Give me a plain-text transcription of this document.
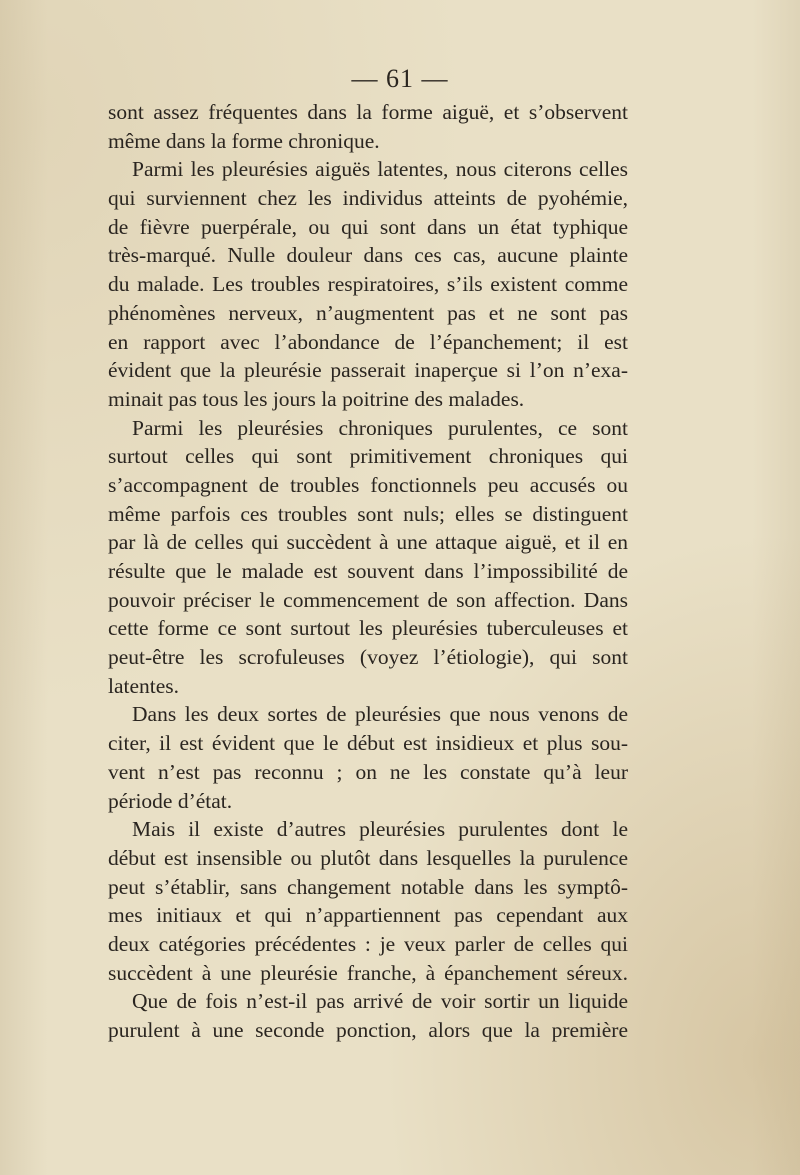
— 61 —
sont assez fréquentes dans la forme aiguë, et s’observent
même dans la forme chronique.
Parmi les pleurésies aiguës latentes, nous citerons celles
qui surviennent chez les individus atteints de pyohémie,
de fièvre puerpérale, ou qui sont dans un état typhique
très-marqué. Nulle douleur dans ces cas, aucune plainte
du malade. Les troubles respiratoires, s’ils existent comme
phénomènes nerveux, n’augmentent pas et ne sont pas
en rapport avec l’abondance de l’épanchement; il est
évident que la pleurésie passerait inaperçue si l’on n’exa-
minait pas tous les jours la poitrine des malades.
Parmi les pleurésies chroniques purulentes, ce sont
surtout celles qui sont primitivement chroniques qui
s’accompagnent de troubles fonctionnels peu accusés ou
même parfois ces troubles sont nuls; elles se distinguent
par là de celles qui succèdent à une attaque aiguë, et il en
résulte que le malade est souvent dans l’impossibilité de
pouvoir préciser le commencement de son affection. Dans
cette forme ce sont surtout les pleurésies tuberculeuses et
peut-être les scrofuleuses (voyez l’étiologie), qui sont
latentes.
Dans les deux sortes de pleurésies que nous venons de
citer, il est évident que le début est insidieux et plus sou-
vent n’est pas reconnu ; on ne les constate qu’à leur
période d’état.
Mais il existe d’autres pleurésies purulentes dont le
début est insensible ou plutôt dans lesquelles la purulence
peut s’établir, sans changement notable dans les symptô-
mes initiaux et qui n’appartiennent pas cependant aux
deux catégories précédentes : je veux parler de celles qui
succèdent à une pleurésie franche, à épanchement séreux.
Que de fois n’est-il pas arrivé de voir sortir un liquide
purulent à une seconde ponction, alors que la première
